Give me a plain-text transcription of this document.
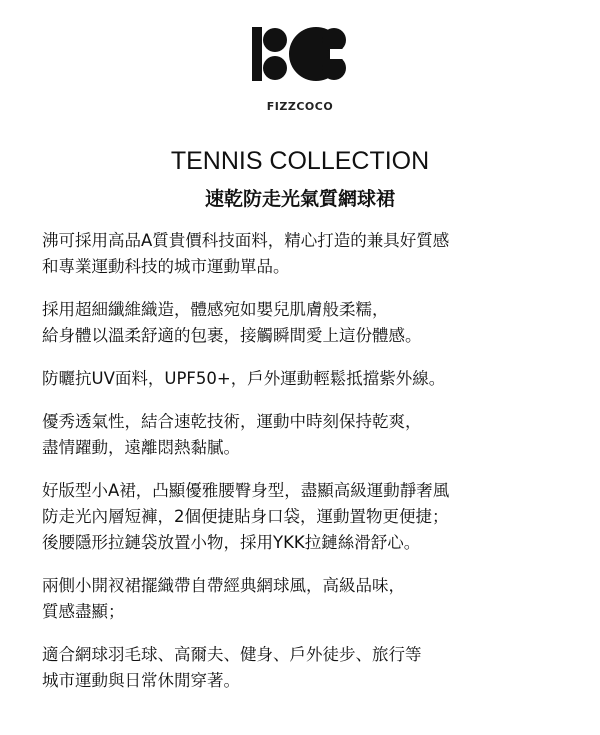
FIZZCOCO
TENNIS COLLECTION
速乾防走光氣質網球裙
沸可採用高品A質貴價科技面料，精心打造的兼具好質感
和專業運動科技的城市運動單品。
採用超細纖維織造，體感宛如嬰兒肌膚般柔糯，
給身體以溫柔舒適的包裹，接觸瞬間愛上這份體感。
防曬抗UV面料，UPF50+，戶外運動輕鬆抵擋紫外線。
優秀透氣性，結合速乾技術，運動中時刻保持乾爽，
盡情躍動，遠離悶熱黏膩。
好版型小A裙，凸顯優雅腰臀身型，盡顯高級運動靜奢風
防走光內層短褲，2個便捷貼身口袋，運動置物更便捷；
後腰隱形拉鏈袋放置小物，採用YKK拉鏈絲滑舒心。
兩側小開衩裙擺織帶自帶經典網球風，高級品味，
質感盡顯；
適合網球羽毛球、高爾夫、健身、戶外徒步、旅行等
城市運動與日常休閒穿著。
